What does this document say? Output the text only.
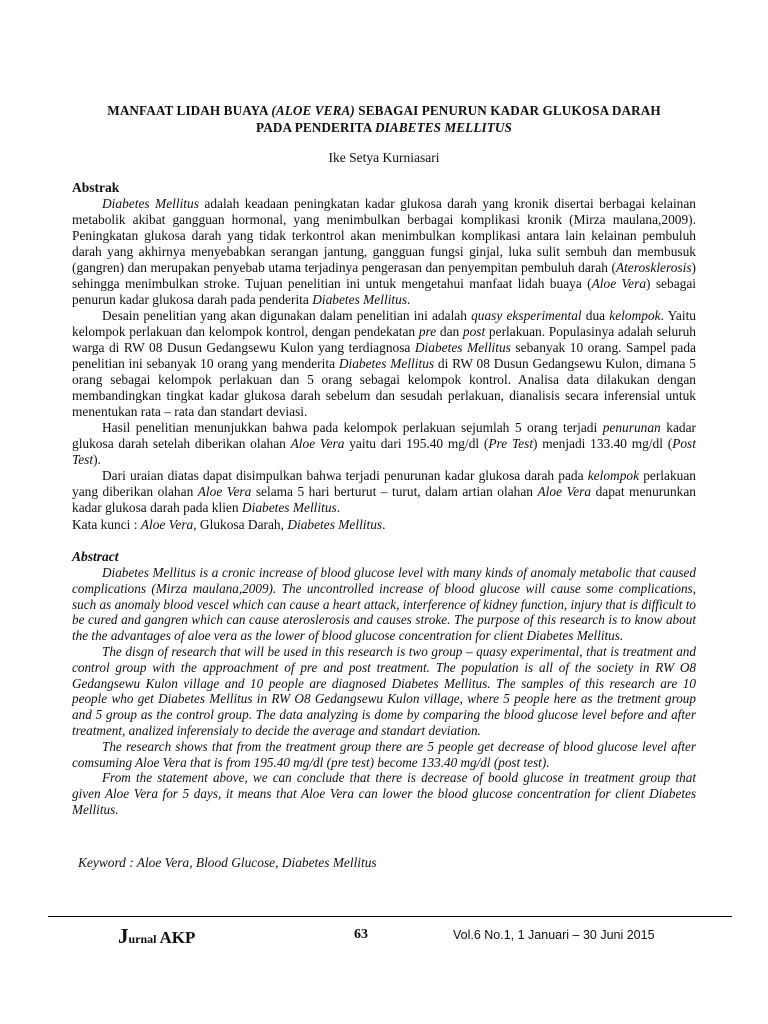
MANFAAT LIDAH BUAYA (ALOE VERA) SEBAGAI PENURUN KADAR GLUKOSA DARAH
PADA PENDERITA DIABETES MELLITUS
Ike Setya Kurniasari
Abstrak

Diabetes Mellitus adalah keadaan peningkatan kadar glukosa darah yang kronik disertai berbagai kelainan metabolik akibat gangguan hormonal, yang menimbulkan berbagai komplikasi kronik (Mirza maulana,2009). Peningkatan glukosa darah yang tidak terkontrol akan menimbulkan komplikasi antara lain kelainan pembuluh darah yang akhirnya menyebabkan serangan jantung, gangguan fungsi ginjal, luka sulit sembuh dan membusuk (gangren) dan merupakan penyebab utama terjadinya pengerasan dan penyempitan pembuluh darah (Aterosklerosis) sehingga menimbulkan stroke. Tujuan penelitian ini untuk mengetahui manfaat lidah buaya (Aloe Vera) sebagai penurun kadar glukosa darah pada penderita Diabetes Mellitus.

Desain penelitian yang akan digunakan dalam penelitian ini adalah quasy eksperimental dua kelompok. Yaitu kelompok perlakuan dan kelompok kontrol, dengan pendekatan pre dan post perlakuan. Populasinya adalah seluruh warga di RW 08 Dusun Gedangsewu Kulon yang terdiagnosa Diabetes Mellitus sebanyak 10 orang. Sampel pada penelitian ini sebanyak 10 orang yang menderita Diabetes Mellitus di RW 08 Dusun Gedangsewu Kulon, dimana 5 orang sebagai kelompok perlakuan dan 5 orang sebagai kelompok kontrol. Analisa data dilakukan dengan membandingkan tingkat kadar glukosa darah sebelum dan sesudah perlakuan, dianalisis secara inferensial untuk menentukan rata – rata dan standart deviasi.

Hasil penelitian menunjukkan bahwa pada kelompok perlakuan sejumlah 5 orang terjadi penurunan kadar glukosa darah setelah diberikan olahan Aloe Vera yaitu dari 195.40 mg/dl (Pre Test) menjadi 133.40 mg/dl (Post Test).

Dari uraian diatas dapat disimpulkan bahwa terjadi penurunan kadar glukosa darah pada kelompok perlakuan yang diberikan olahan Aloe Vera selama 5 hari berturut – turut, dalam artian olahan Aloe Vera dapat menurunkan kadar glukosa darah pada klien Diabetes Mellitus.

Kata kunci : Aloe Vera, Glukosa Darah, Diabetes Mellitus.
Abstract

Diabetes Mellitus is a cronic increase of blood glucose level with many kinds of anomaly metabolic that caused complications (Mirza maulana,2009). The uncontrolled increase of blood glucose will cause some complications, such as anomaly blood vescel which can cause a heart attack, interference of kidney function, injury that is difficult to be cured and gangren which can cause ateroslerosis and causes stroke. The purpose of this research is to know about the the advantages of aloe vera as the lower of blood glucose concentration for client Diabetes Mellitus.

The disgn of research that will be used in this research is two group – quasy experimental, that is treatment and control group with the approachment of pre and post treatment. The population is all of the society in RW O8 Gedangsewu Kulon village and 10 people are diagnosed Diabetes Mellitus. The samples of this research are 10 people who get Diabetes Mellitus in RW O8 Gedangsewu Kulon village, where 5 people here as the tretment group and 5 group as the control group. The data analyzing is dome by comparing the blood glucose level before and after treatment, analized inferensialy to decide the average and standart deviation.

The research shows that from the treatment group there are 5 people get decrease of blood glucose level after comsuming Aloe Vera that is from 195.40 mg/dl (pre test) become 133.40 mg/dl (post test).

From the statement above, we can conclude that there is decrease of boold glucose in treatment group that given Aloe Vera for 5 days, it means that Aloe Vera can lower the blood glucose concentration for client Diabetes Mellitus.

Keyword : Aloe Vera, Blood Glucose, Diabetes Mellitus
Jurnal AKP	63	Vol.6 No.1, 1 Januari – 30 Juni 2015
